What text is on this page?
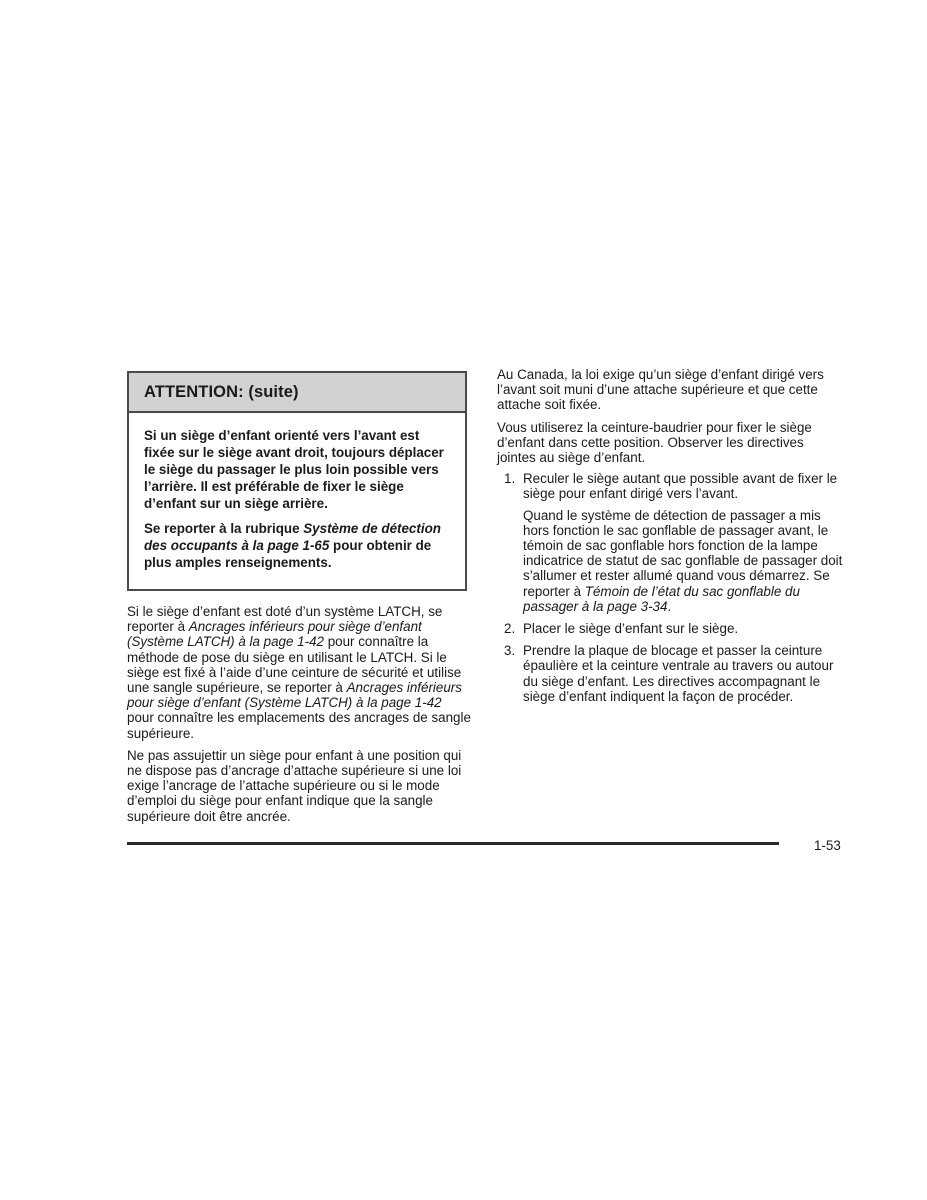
ATTENTION: (suite)

Si un siège d’enfant orienté vers l’avant est fixée sur le siège avant droit, toujours déplacer le siège du passager le plus loin possible vers l’arrière. Il est préférable de fixer le siège d’enfant sur un siège arrière.

Se reporter à la rubrique Système de détection des occupants à la page 1-65 pour obtenir de plus amples renseignements.

Si le siège d’enfant est doté d’un système LATCH, se reporter à Ancrages inférieurs pour siège d’enfant (Système LATCH) à la page 1-42 pour connaître la méthode de pose du siège en utilisant le LATCH. Si le siège est fixé à l’aide d’une ceinture de sécurité et utilise une sangle supérieure, se reporter à Ancrages inférieurs pour siège d’enfant (Système LATCH) à la page 1-42 pour connaître les emplacements des ancrages de sangle supérieure.

Ne pas assujettir un siège pour enfant à une position qui ne dispose pas d’ancrage d’attache supérieure si une loi exige l’ancrage de l’attache supérieure ou si le mode d’emploi du siège pour enfant indique que la sangle supérieure doit être ancrée.

Au Canada, la loi exige qu’un siège d’enfant dirigé vers l’avant soit muni d’une attache supérieure et que cette attache soit fixée.

Vous utiliserez la ceinture-baudrier pour fixer le siège d’enfant dans cette position. Observer les directives jointes au siège d’enfant.

1. Reculer le siège autant que possible avant de fixer le siège pour enfant dirigé vers l’avant.
Quand le système de détection de passager a mis hors fonction le sac gonflable de passager avant, le témoin de sac gonflable hors fonction de la lampe indicatrice de statut de sac gonflable de passager doit s’allumer et rester allumé quand vous démarrez. Se reporter à Témoin de l’état du sac gonflable du passager à la page 3-34.
2. Placer le siège d’enfant sur le siège.
3. Prendre la plaque de blocage et passer la ceinture épaulière et la ceinture ventrale au travers ou autour du siège d’enfant. Les directives accompagnant le siège d’enfant indiquent la façon de procéder.
1-53
